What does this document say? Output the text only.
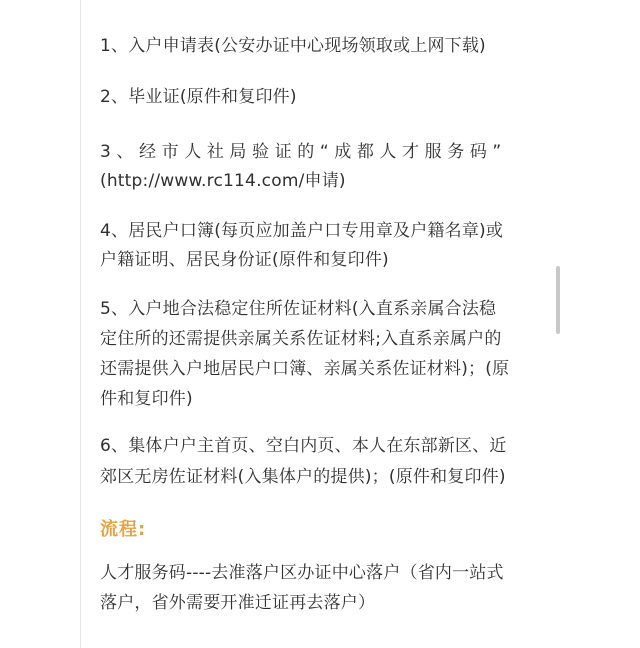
1、入户申请表(公安办证中心现场领取或上网下载)
2、毕业证(原件和复印件)
3、经市人社局验证的“成都人才服务码”
(http://www.rc114.com/申请)
4、居民户口簿(每页应加盖户口专用章及户籍名章)或
户籍证明、居民身份证(原件和复印件)
5、入户地合法稳定住所佐证材料(入直系亲属合法稳
定住所的还需提供亲属关系佐证材料;入直系亲属户的
还需提供入户地居民户口簿、亲属关系佐证材料)；(原
件和复印件)
6、集体户户主首页、空白内页、本人在东部新区、近
郊区无房佐证材料(入集体户的提供)；(原件和复印件)
流程:
人才服务码----去准落户区办证中心落户（省内一站式
落户，省外需要开准迁证再去落户）
